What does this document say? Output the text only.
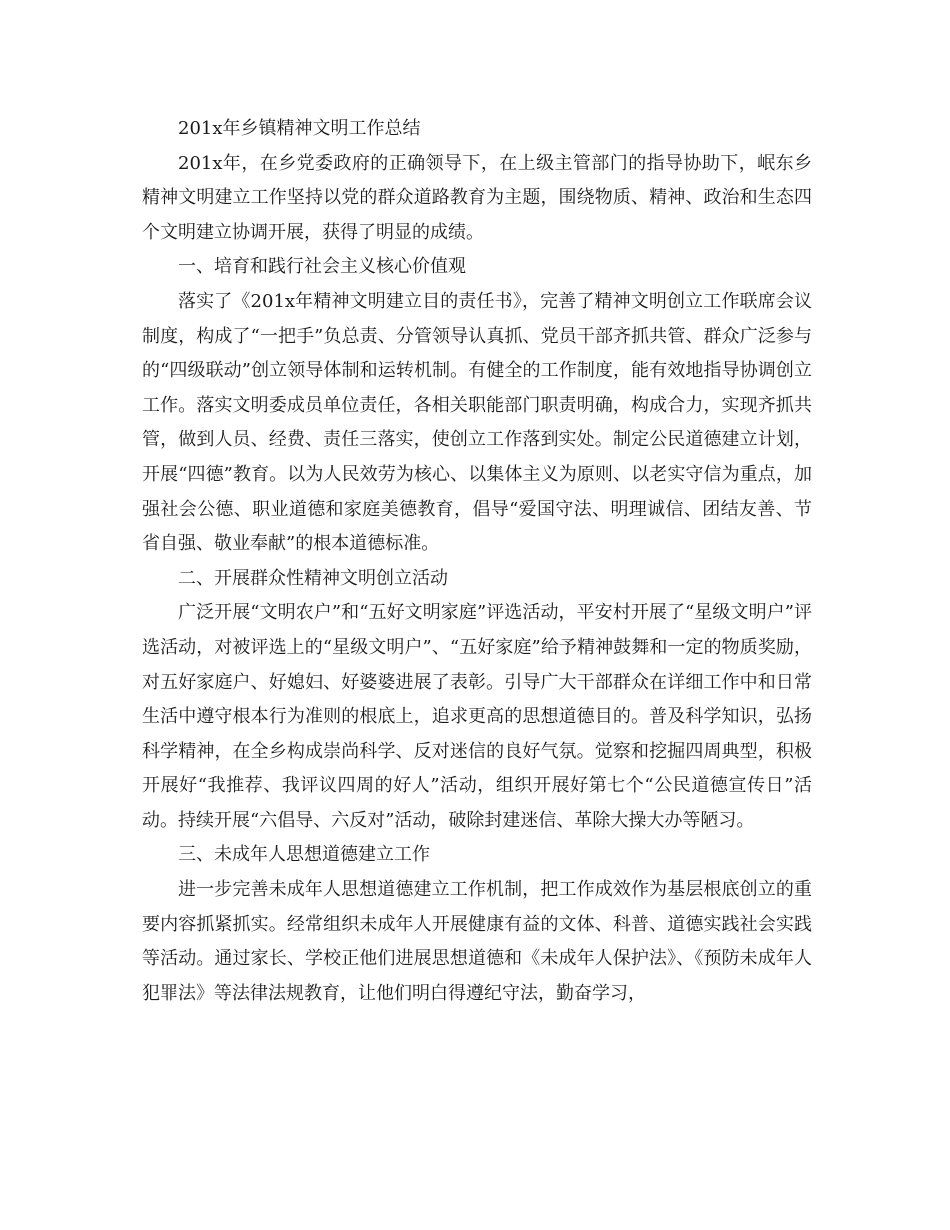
201x年乡镇精神文明工作总结

201x年，在乡党委政府的正确领导下，在上级主管部门的指导协助下，岷东乡精神文明建立工作坚持以党的群众道路教育为主题，围绕物质、精神、政治和生态四个文明建立协调开展，获得了明显的成绩。

一、培育和践行社会主义核心价值观

落实了《201x年精神文明建立目的责任书》，完善了精神文明创立工作联席会议制度，构成了“一把手”负总责、分管领导认真抓、党员干部齐抓共管、群众广泛参与的“四级联动”创立领导体制和运转机制。有健全的工作制度，能有效地指导协调创立工作。落实文明委成员单位责任，各相关职能部门职责明确，构成合力，实现齐抓共管，做到人员、经费、责任三落实，使创立工作落到实处。制定公民道德建立计划，开展“四德”教育。以为人民效劳为核心、以集体主义为原则、以老实守信为重点，加强社会公德、职业道德和家庭美德教育，倡导“爱国守法、明理诚信、团结友善、节省自强、敬业奉献”的根本道德标准。

二、开展群众性精神文明创立活动

广泛开展“文明农户”和“五好文明家庭”评选活动，平安村开展了“星级文明户”评选活动，对被评选上的“星级文明户”、“五好家庭”给予精神鼓舞和一定的物质奖励，对五好家庭户、好媳妇、好婆婆进展了表彰。引导广大干部群众在详细工作中和日常生活中遵守根本行为准则的根底上，追求更高的思想道德目的。普及科学知识，弘扬科学精神，在全乡构成崇尚科学、反对迷信的良好气氛。觉察和挖掘四周典型，积极开展好“我推荐、我评议四周的好人”活动，组织开展好第七个“公民道德宣传日”活动。持续开展“六倡导、六反对”活动，破除封建迷信、革除大操大办等陋习。

三、未成年人思想道德建立工作

进一步完善未成年人思想道德建立工作机制，把工作成效作为基层根底创立的重要内容抓紧抓实。经常组织未成年人开展健康有益的文体、科普、道德实践社会实践等活动。通过家长、学校正他们进展思想道德和《未成年人保护法》、《预防未成年人犯罪法》等法律法规教育，让他们明白得遵纪守法，勤奋学习，
